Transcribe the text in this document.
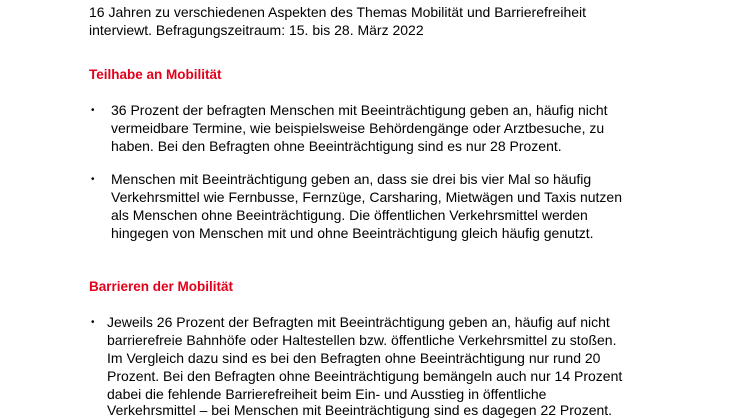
16 Jahren zu verschiedenen Aspekten des Themas Mobilität und Barrierefreiheit
interviewt. Befragungszeitraum: 15. bis 28. März 2022
Teilhabe an Mobilität
• 36 Prozent der befragten Menschen mit Beeinträchtigung geben an, häufig nicht
vermeidbare Termine, wie beispielsweise Behördengänge oder Arztbesuche, zu
haben. Bei den Befragten ohne Beeinträchtigung sind es nur 28 Prozent.
• Menschen mit Beeinträchtigung geben an, dass sie drei bis vier Mal so häufig
Verkehrsmittel wie Fernbusse, Fernzüge, Carsharing, Mietwägen und Taxis nutzen
als Menschen ohne Beeinträchtigung. Die öffentlichen Verkehrsmittel werden
hingegen von Menschen mit und ohne Beeinträchtigung gleich häufig genutzt.
Barrieren der Mobilität
• Jeweils 26 Prozent der Befragten mit Beeinträchtigung geben an, häufig auf nicht
barrierefreie Bahnhöfe oder Haltestellen bzw. öffentliche Verkehrsmittel zu stoßen.
Im Vergleich dazu sind es bei den Befragten ohne Beeinträchtigung nur rund 20
Prozent. Bei den Befragten ohne Beeinträchtigung bemängeln auch nur 14 Prozent
dabei die fehlende Barrierefreiheit beim Ein- und Ausstieg in öffentliche
Verkehrsmittel – bei Menschen mit Beeinträchtigung sind es dagegen 22 Prozent.
